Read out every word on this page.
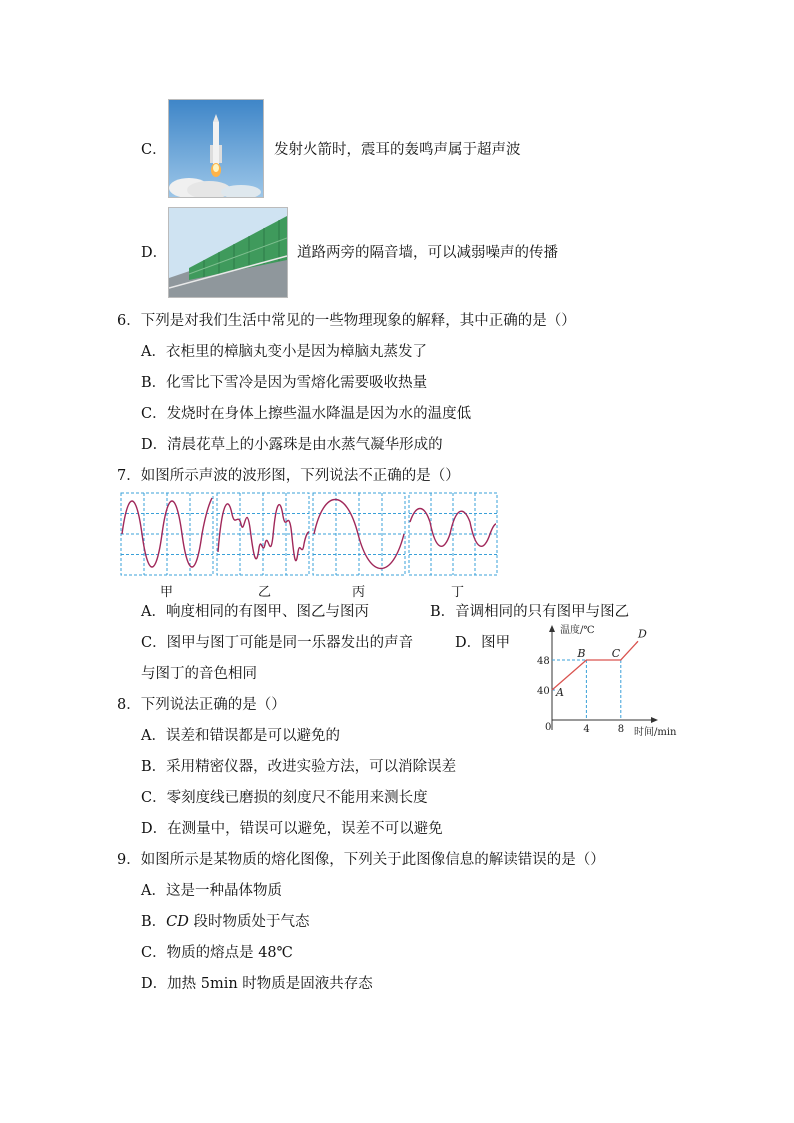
C．	发射火箭时，震耳的轰鸣声属于超声波
D．	道路两旁的隔音墙，可以减弱噪声的传播
6．下列是对我们生活中常见的一些物理现象的解释，其中正确的是（）
A．衣柜里的樟脑丸变小是因为樟脑丸蒸发了
B．化雪比下雪冷是因为雪熔化需要吸收热量
C．发烧时在身体上擦些温水降温是因为水的温度低
D．清晨花草上的小露珠是由水蒸气凝华形成的
7．如图所示声波的波形图，下列说法不正确的是（）
甲	乙	丙	丁
A．响度相同的有图甲、图乙与图丙	B．音调相同的只有图甲与图乙
C．图甲与图丁可能是同一乐器发出的声音	D．图甲
与图丁的音色相同
A
B C
D
温度/℃
时间/min
0	4	8
40
48
8．下列说法正确的是（）
A．误差和错误都是可以避免的
B．采用精密仪器，改进实验方法，可以消除误差
C．零刻度线已磨损的刻度尺不能用来测长度
D．在测量中，错误可以避免，误差不可以避免
9．如图所示是某物质的熔化图像，下列关于此图像信息的解读错误的是（）
A．这是一种晶体物质
B．CD 段时物质处于气态
C．物质的熔点是 48℃
D．加热 5min 时物质是固液共存态
